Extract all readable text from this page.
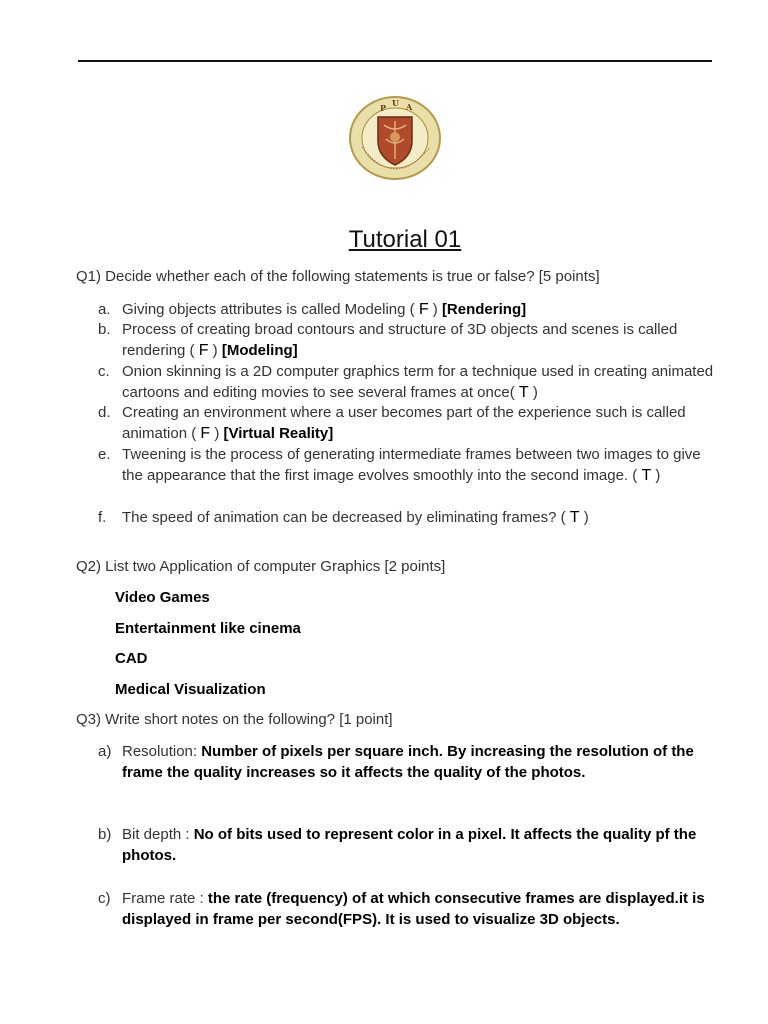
P U A
Tutorial 01
Q1) Decide whether each of the following statements is true or false? [5 points]
a. Giving objects attributes is called Modeling ( F ) [Rendering]
b. Process of creating broad contours and structure of 3D objects and scenes is called rendering ( F ) [Modeling]
c. Onion skinning is a 2D computer graphics term for a technique used in creating animated cartoons and editing movies to see several frames at once( T )
d. Creating an environment where a user becomes part of the experience such is called animation ( F ) [Virtual Reality]
e. Tweening is the process of generating intermediate frames between two images to give the appearance that the first image evolves smoothly into the second image. ( T )
f.	The speed of animation can be decreased by eliminating frames? ( T )
Q2) List two Application of computer Graphics [2 points]
Video Games
Entertainment like cinema
CAD
Medical Visualization
Q3) Write short notes on the following? [1 point]
a) Resolution: Number of pixels per square inch. By increasing the resolution of the frame the quality increases so it affects the quality of the photos.
b) Bit depth : No of bits used to represent color in a pixel. It affects the quality pf the photos.
c) Frame rate : the rate (frequency) of at which consecutive frames are displayed.it is displayed in frame per second(FPS). It is used to visualize 3D objects.
